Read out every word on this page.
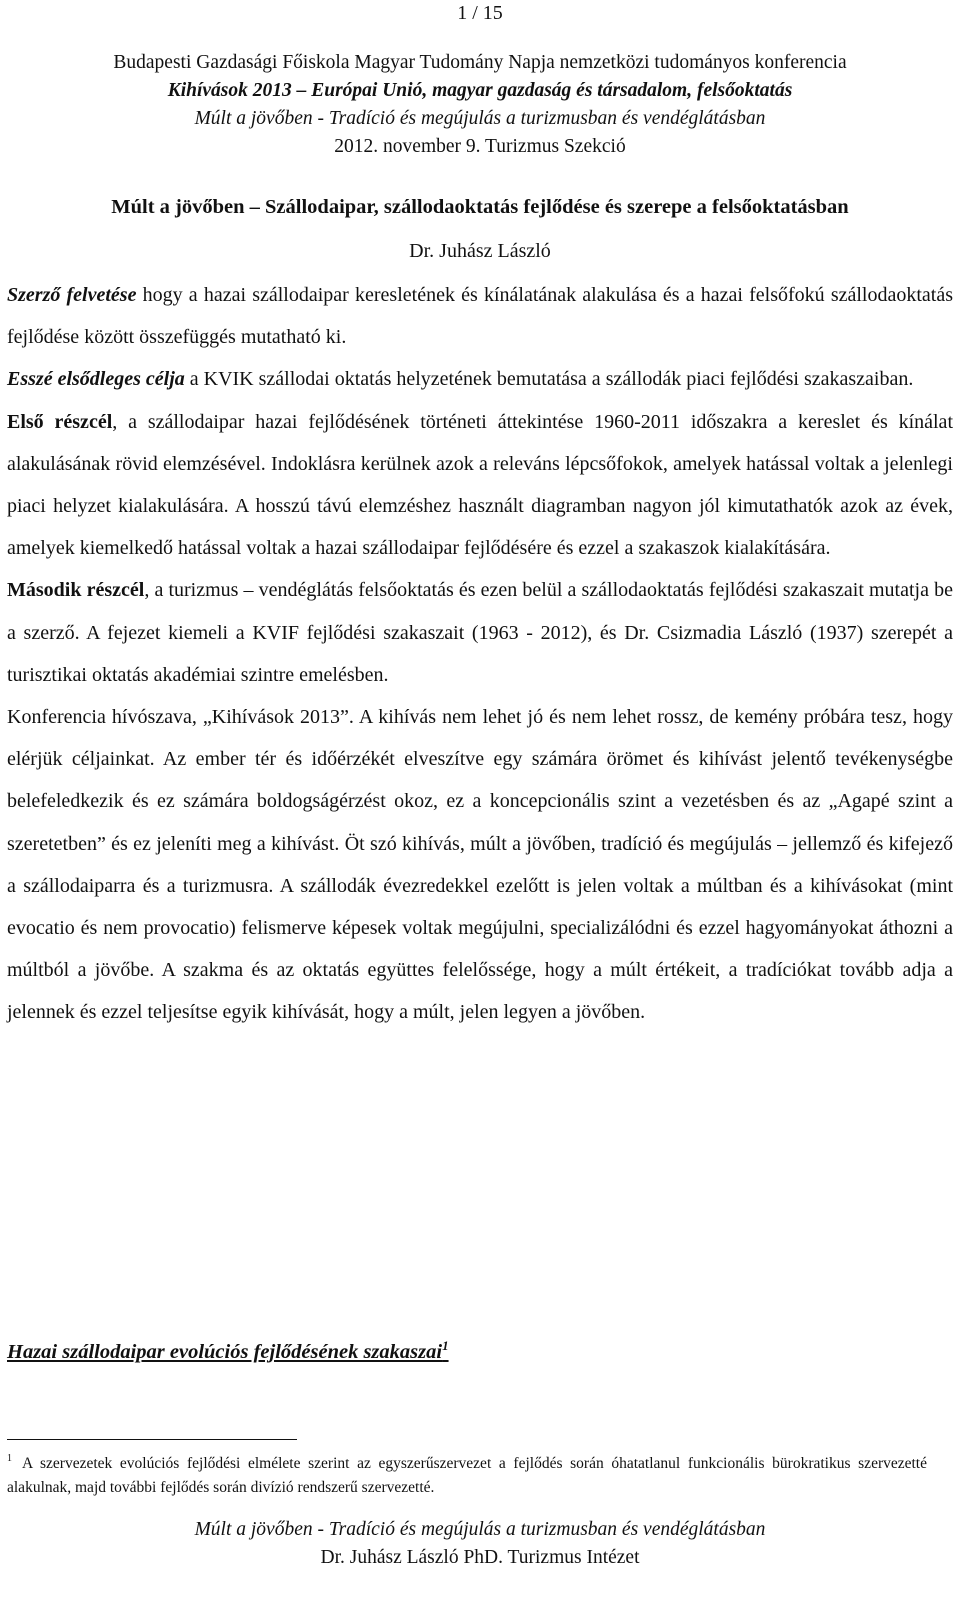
1 / 15
Budapesti Gazdasági Főiskola Magyar Tudomány Napja nemzetközi tudományos konferencia
Kihívások 2013 – Európai Unió, magyar gazdaság és társadalom, felsőoktatás
Múlt a jövőben - Tradíció és megújulás a turizmusban és vendéglátásban
2012. november 9. Turizmus Szekció
Múlt a jövőben – Szállodaipar, szállodaoktatás fejlődése és szerepe a felsőoktatásban
Dr. Juhász László

Szerző felvetése hogy a hazai szállodaipar keresletének és kínálatának alakulása és a hazai felsőfokú szállodaoktatás fejlődése között összefüggés mutatható ki.

Esszé elsődleges célja a KVIK szállodai oktatás helyzetének bemutatása a szállodák piaci fejlődési szakaszaiban.

Első részcél, a szállodaipar hazai fejlődésének történeti áttekintése 1960-2011 időszakra a kereslet és kínálat alakulásának rövid elemzésével. Indoklásra kerülnek azok a releváns lépcsőfokok, amelyek hatással voltak a jelenlegi piaci helyzet kialakulására. A hosszú távú elemzéshez használt diagramban nagyon jól kimutathatók azok az évek, amelyek kiemelkedő hatással voltak a hazai szállodaipar fejlődésére és ezzel a szakaszok kialakítására.

Második részcél, a turizmus – vendéglátás felsőoktatás és ezen belül a szállodaoktatás fejlődési szakaszait mutatja be a szerző. A fejezet kiemeli a KVIF fejlődési szakaszait (1963 - 2012), és Dr. Csizmadia László (1937) szerepét a turisztikai oktatás akadémiai szintre emelésben.

Konferencia hívószava, „Kihívások 2013”. A kihívás nem lehet jó és nem lehet rossz, de kemény próbára tesz, hogy elérjük céljainkat. Az ember tér és időérzékét elveszítve egy számára örömet és kihívást jelentő tevékenységbe belefeledkezik és ez számára boldogságérzést okoz, ez a koncepcionális szint a vezetésben és az „Agapé szint a szeretetben” és ez jeleníti meg a kihívást. Öt szó kihívás, múlt a jövőben, tradíció és megújulás – jellemző és kifejező a szállodaiparra és a turizmusra. A szállodák évezredekkel ezelőtt is jelen voltak a múltban és a kihívásokat (mint evocatio és nem provocatio) felismerve képesek voltak megújulni, specializálódni és ezzel hagyományokat áthozni a múltból a jövőbe. A szakma és az oktatás együttes felelőssége, hogy a múlt értékeit, a tradíciókat tovább adja a jelennek és ezzel teljesítse egyik kihívását, hogy a múlt, jelen legyen a jövőben.

Hazai szállodaipar evolúciós fejlődésének szakaszai$^1$
$^1$ A szervezetek evolúciós fejlődési elmélete szerint az egyszerűszervezet a fejlődés során óhatatlanul funkcionális bürokratikus szervezetté alakulnak, majd további fejlődés során divízió rendszerű szervezetté.
Múlt a jövőben - Tradíció és megújulás a turizmusban és vendéglátásban
Dr. Juhász László PhD. Turizmus Intézet
